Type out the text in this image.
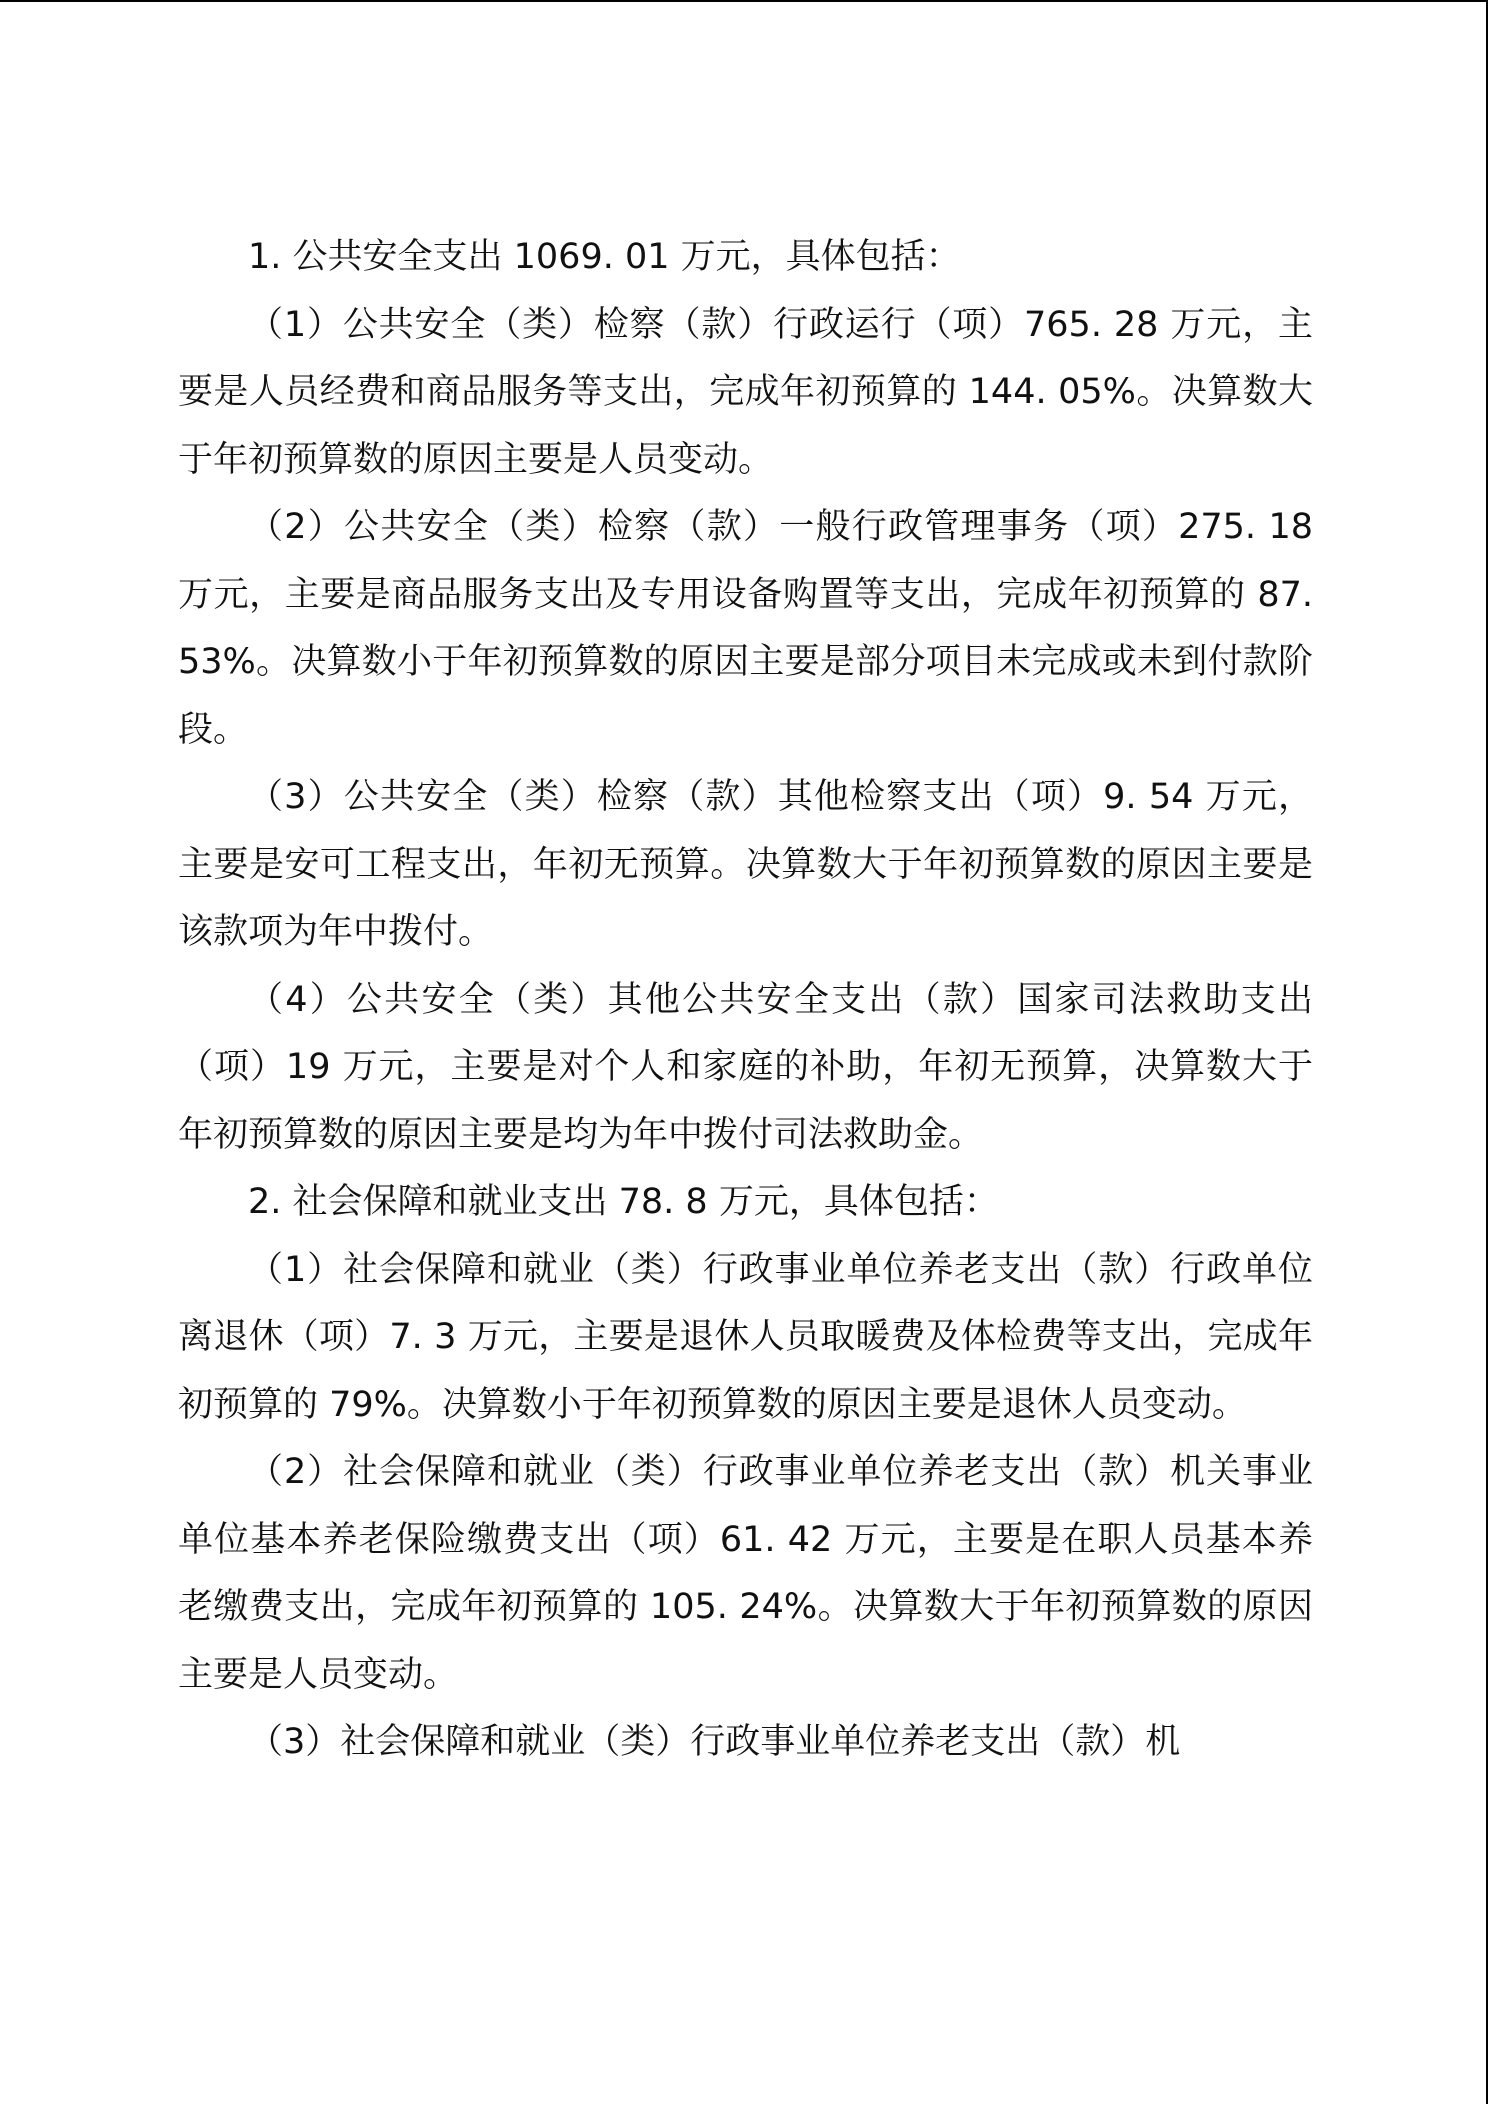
1. 公共安全支出 1069. 01 万元，具体包括：

（1）公共安全（类）检察（款）行政运行（项）765. 28 万元，主要是人员经费和商品服务等支出，完成年初预算的 144. 05%。决算数大于年初预算数的原因主要是人员变动。

（2）公共安全（类）检察（款）一般行政管理事务（项）275. 18 万元，主要是商品服务支出及专用设备购置等支出，完成年初预算的 87. 53%。决算数小于年初预算数的原因主要是部分项目未完成或未到付款阶段。

（3）公共安全（类）检察（款）其他检察支出（项）9. 54 万元，主要是安可工程支出，年初无预算。决算数大于年初预算数的原因主要是该款项为年中拨付。

（4）公共安全（类）其他公共安全支出（款）国家司法救助支出（项）19 万元，主要是对个人和家庭的补助，年初无预算，决算数大于年初预算数的原因主要是均为年中拨付司法救助金。

2. 社会保障和就业支出 78. 8 万元，具体包括：

（1）社会保障和就业（类）行政事业单位养老支出（款）行政单位离退休（项）7. 3 万元，主要是退休人员取暖费及体检费等支出，完成年初预算的 79%。决算数小于年初预算数的原因主要是退休人员变动。

（2）社会保障和就业（类）行政事业单位养老支出（款）机关事业单位基本养老保险缴费支出（项）61. 42 万元，主要是在职人员基本养老缴费支出，完成年初预算的 105. 24%。决算数大于年初预算数的原因主要是人员变动。

（3）社会保障和就业（类）行政事业单位养老支出（款）机
